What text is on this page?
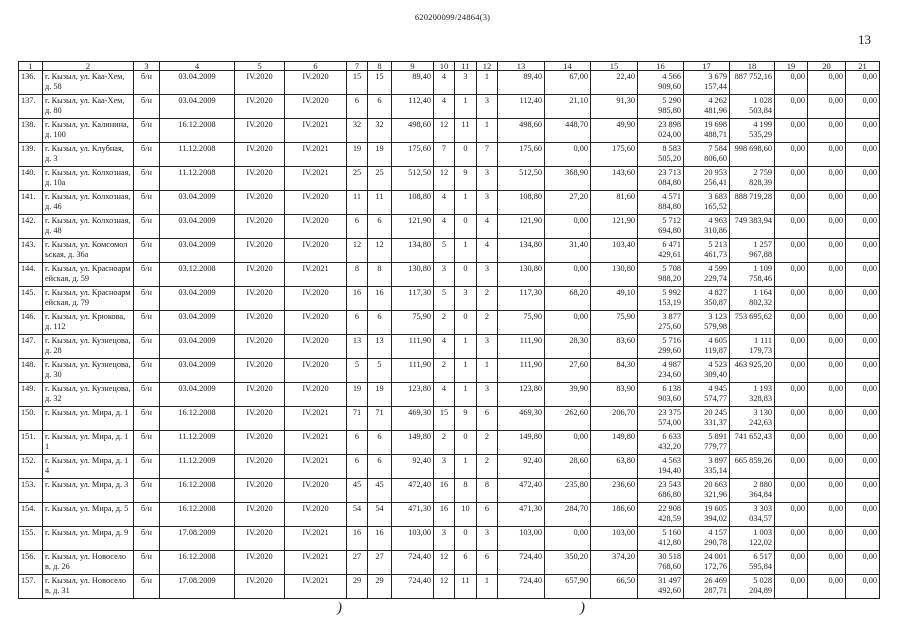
620200099/24864(3)
13
1	2	3	4	5	6	7	8	9	10	11	12	13	14	15	16	17	18	19	20	21
136.	г. Кызыл, ул. Каа-Хем, д. 58	б/н	03.04.2009	IV.2020	IV.2020	15	15	89,40	4	3	1	89,40	67,00	22,40	4 566 909,60	3 679 157,44	887 752,16	0,00	0,00	0,00
137.	г. Кызыл, ул. Каа-Хем, д. 80	б/н	03.04.2009	IV.2020	IV.2020	6	6	112,40	4	1	3	112,40	21,10	91,30	5 290 985,80	4 262 481,96	1 028 503,84	0,00	0,00	0,00
138.	г. Кызыл, ул. Калинина, д. 100	б/н	16.12.2008	IV.2020	IV.2021	32	32	498,60	12	11	1	498,60	448,70	49,90	23 898 024,00	19 698 488,71	4 199 535,29	0,00	0,00	0,00
139.	г. Кызыл, ул. Клубная, д. 3	б/н	11.12.2008	IV.2020	IV.2021	19	19	175,60	7	0	7	175,60	0,00	175,60	8 583 505,20	7 584 806,60	998 698,60	0,00	0,00	0,00
140.	г. Кызыл, ул. Колхозная, д. 10а	б/н	11.12.2008	IV.2020	IV.2021	25	25	512,50	12	9	3	512,50	368,90	143,60	23 713 084,80	20 953 256,41	2 759 828,39	0,00	0,00	0,00
141.	г. Кызыл, ул. Колхозная, д. 46	б/н	03.04.2009	IV.2020	IV.2020	11	11	108,80	4	1	3	108,80	27,20	81,60	4 571 884,80	3 683 165,52	888 719,28	0,00	0,00	0,00
142.	г. Кызыл, ул. Колхозная, д. 48	б/н	03.04.2009	IV.2020	IV.2020	6	6	121,90	4	0	4	121,90	0,00	121,90	5 712 694,80	4 963 310,86	749 383,94	0,00	0,00	0,00
143.	г. Кызыл, ул. Комсомольская, д. 36а	б/н	03.04.2009	IV.2020	IV.2020	12	12	134,80	5	1	4	134,80	31,40	103,40	6 471 429,61	5 213 461,73	1 257 967,88	0,00	0,00	0,00
144.	г. Кызыл, ул. Красноармейская, д. 59	б/н	03.12.2008	IV.2020	IV.2021	8	8	130,80	3	0	3	130,80	0,00	130,80	5 708 988,20	4 599 229,74	1 109 758,46	0,00	0,00	0,00
145.	г. Кызыл, ул. Красноармейская, д. 79	б/н	03.04.2009	IV.2020	IV.2020	16	16	117,30	5	3	2	117,30	68,20	49,10	5 992 153,19	4 827 350,87	1 164 802,32	0,00	0,00	0,00
146.	г. Кызыл, ул. Крюкова, д. 112	б/н	03.04.2009	IV.2020	IV.2020	6	6	75,90	2	0	2	75,90	0,00	75,90	3 877 275,60	3 123 579,98	753 695,62	0,00	0,00	0,00
147.	г. Кызыл, ул. Кузнецова, д. 28	б/н	03.04.2009	IV.2020	IV.2020	13	13	111,90	4	1	3	111,90	28,30	83,60	5 716 299,60	4 605 119,87	1 111 179,73	0,00	0,00	0,00
148.	г. Кызыл, ул. Кузнецова, д. 30	б/н	03.04.2009	IV.2020	IV.2020	5	5	111,90	2	1	1	111,90	27,60	84,30	4 987 234,60	4 523 309,40	463 925,20	0,00	0,00	0,00
149.	г. Кызыл, ул. Кузнецова, д. 32	б/н	03.04.2009	IV.2020	IV.2020	19	19	123,80	4	1	3	123,80	39,90	83,90	6 138 903,60	4 945 574,77	1 193 328,83	0,00	0,00	0,00
150.	г. Кызыл, ул. Мира, д. 1	б/н	16.12.2008	IV.2020	IV.2021	71	71	469,30	15	9	6	469,30	262,60	206,70	23 375 574,00	20 245 331,37	3 130 242,63	0,00	0,00	0,00
151.	г. Кызыл, ул. Мира, д. 11	б/н	11.12.2009	IV.2020	IV.2021	6	6	149,80	2	0	2	149,80	0,00	149,80	6 633 432,20	5 891 779,77	741 652,43	0,00	0,00	0,00
152.	г. Кызыл, ул. Мира, д. 14	б/н	11.12.2009	IV.2020	IV.2021	6	6	92,40	3	1	2	92,40	28,60	63,80	4 563 194,40	3 897 335,14	665 859,26	0,00	0,00	0,00
153.	г. Кызыл, ул. Мира, д. 3	б/н	16.12.2008	IV.2020	IV.2020	45	45	472,40	16	8	8	472,40	235,80	236,60	23 543 686,80	20 663 321,96	2 880 364,84	0,00	0,00	0,00
154.	г. Кызыл, ул. Мира, д. 5	б/н	16.12.2008	IV.2020	IV.2020	54	54	471,30	16	10	6	471,30	284,70	186,60	22 908 428,59	19 605 394,02	3 303 034,57	0,00	0,00	0,00
155.	г. Кызыл, ул. Мира, д. 9	б/н	17.08.2009	IV.2020	IV.2021	16	16	103,00	3	0	3	103,00	0,00	103,00	5 160 412,80	4 157 290,78	1 003 122,02	0,00	0,00	0,00
156.	г. Кызыл, ул. Новоселов, д. 26	б/н	16.12.2008	IV.2020	IV.2021	27	27	724,40	12	6	6	724,40	350,20	374,20	30 518 768,60	24 001 172,76	6 517 595,84	0,00	0,00	0,00
157.	г. Кызыл, ул. Новоселов, д. 31	б/н	17.08.2009	IV.2020	IV.2021	29	29	724,40	12	11	1	724,40	657,90	66,50	31 497 492,60	26 469 287,71	5 028 204,89	0,00	0,00	0,00
)	)
